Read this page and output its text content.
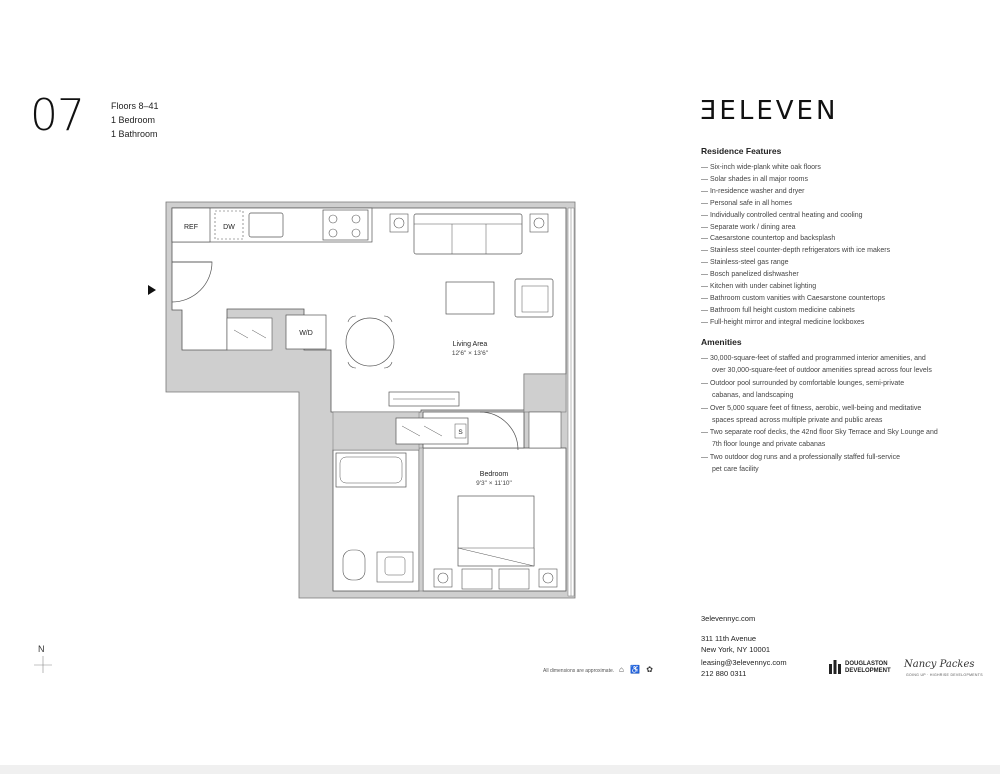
07	Floors 8–41
1 Bedroom
1 Bathroom
REF	DW
W/D
Living Area
12'6" × 13'6"
S
Bedroom
9'3" × 11'10"
N
All dimensions are approximate. ⌂ ♿ ✿
ƎELEVEN
Residence Features
— Six-inch wide-plank white oak floors
— Solar shades in all major rooms
— In-residence washer and dryer
— Personal safe in all homes
— Individually controlled central heating and cooling
— Separate work / dining area
— Caesarstone countertop and backsplash
— Stainless steel counter-depth refrigerators with ice makers
— Stainless-steel gas range
— Bosch panelized dishwasher
— Kitchen with under cabinet lighting
— Bathroom custom vanities with Caesarstone countertops
— Bathroom full height custom medicine cabinets
— Full-height mirror and integral medicine lockboxes
Amenities
— 30,000-square-feet of staffed and programmed interior amenities, and
over 30,000-square-feet of outdoor amenities spread across four levels
— Outdoor pool surrounded by comfortable lounges, semi-private
cabanas, and landscaping
— Over 5,000 square feet of fitness, aerobic, well-being and meditative
spaces spread across multiple private and public areas
— Two separate roof decks, the 42nd floor Sky Terrace and Sky Lounge and
7th floor lounge and private cabanas
— Two outdoor dog runs and a professionally staffed full-service
pet care facility
3elevennyc.com
311 11th Avenue
New York, NY 10001
leasing@3elevennyc.com
212 880 0311
DOUGLASTON
DEVELOPMENT
Nancy Packes
GOING UP · HIGHRISE DEVELOPMENTS
